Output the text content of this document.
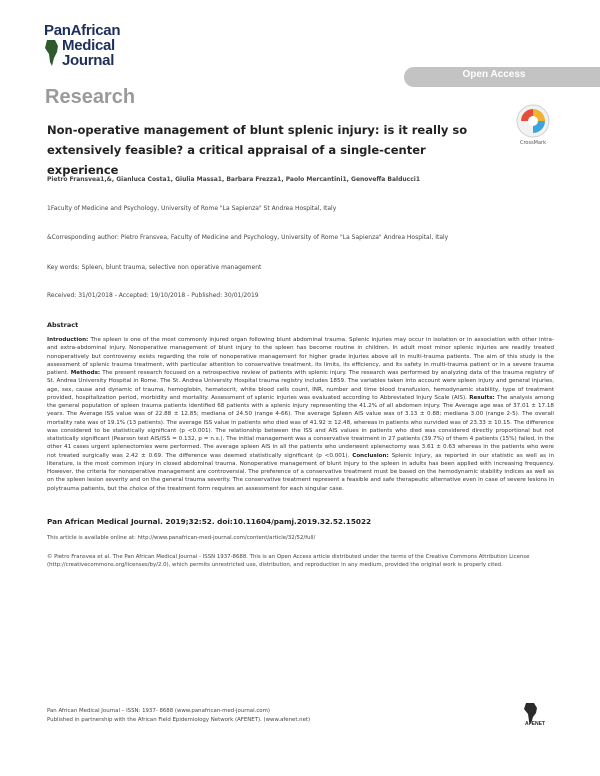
PanAfrican
Medical
Journal
Open Access
Research
Non-operative management of blunt splenic injury: is it really so extensively feasible? a critical appraisal of a single-center experience
CrossMark
Pietro Fransvea1,&, Gianluca Costa1, Giulia Massa1, Barbara Frezza1, Paolo Mercantini1, Genoveffa Balducci1
1Faculty of Medicine and Psychology, University of Rome "La Sapienza" St Andrea Hospital, Italy
&Corresponding author: Pietro Fransvea, Faculty of Medicine and Psychology, University of Rome "La Sapienza" Andrea Hospital, Italy
Key words: Spleen, blunt trauma, selective non operative management
Received: 31/01/2018 - Accepted: 19/10/2018 - Published: 30/01/2019
Abstract
Introduction: The spleen is one of the most commonly injured organ following blunt abdominal trauma. Splenic injuries may occur in isolation or in association with other intra-and extra-abdominal injury. Nonoperative management of blunt injury to the spleen has become routine in children. In adult most minor splenic injuries are readily treated nonoperatively but controversy exists regarding the role of nonoperative management for higher grade injuries above all in multi-trauma patients. The aim of this study is the assessment of splenic trauma treatment, with particular attention to conservative treatment, its limits, its efficiency, and its safety in multi-trauma patient or in a severe trauma patient. Methods: The present research focused on a retrospective review of patients with splenic injury. The research was performed by analyzing data of the trauma registry of St. Andrea University Hospital in Rome. The St. Andrea University Hospital trauma registry includes 1859. The variables taken into account were spleen injury and general injuries, age, sex, cause and dynamic of trauma, hemoglobin, hematocrit, white blood cells count, INR, number and time blood transfusion, hemodynamic stability, type of treatment provided, hospitalization period, morbidity and mortality. Assessment of splenic injuries was evaluated according to Abbreviated Injury Scale (AIS). Results: The analysis among the general population of spleen trauma patients identified 68 patients with a splenic injury representing the 41.2% of all abdomen injury. The Average age was of 37.01 ± 17.18 years. The Average ISS value was of 22.88 ± 12.85; mediana of 24.50 (range 4-66). The average Spleen AIS value was of 3.13 ± 0.88; mediana 3.00 (range 2-5). The overall mortality rate was of 19.1% (13 patients). The average ISS value in patients who died was of 41.92 ± 12.48, whereas in patients who survided was of 23.33 ± 10.15. The difference was considered to be statistically significant (p <0.001). The relationship between the ISS and AIS values in patients who died was considered directly proportional but not statistically significant (Pearson test AIS/ISS = 0.132, p = n.s.). The initial management was a conservative treatment in 27 patients (39.7%) of them 4 patients (15%) failed, in the other 41 cases urgent splenectomies were performed. The average spleen AIS in all the patients who underwent splenectomy was 3.61 ± 0.63 whereas in the patients who were not treated surgically was 2.42 ± 0.69. The difference was deemed statistically significant (p <0.001). Conclusion: Splenic injury, as reported in our statistic as well as in literature, is the most common injury in closed abdominal trauma. Nonoperative management of blunt injury to the spleen in adults has been applied with increasing frequency. However, the criteria for nonoperative management are controversial. The preference of a conservative treatment must be based on the hemodynamic stability indices as well as on the spleen lesion severity and on the general trauma severity. The conservative treatment represent a feasible and safe therapeutic alternative even in case of severe lesions in polytrauma patients, but the choice of the treatment form requires an assessment for each singular case.
Pan African Medical Journal. 2019;32:52. doi:10.11604/pamj.2019.32.52.15022
This article is available online at: http://www.panafrican-med-journal.com/content/article/32/52/full/
© Pietro Fransvea et al. The Pan African Medical Journal - ISSN 1937-8688. This is an Open Access article distributed under the terms of the Creative Commons Attribution License (http://creativecommons.org/licenses/by/2.0), which permits unrestricted use, distribution, and reproduction in any medium, provided the original work is properly cited.
Pan African Medical Journal – ISSN: 1937- 8688 (www.panafrican-med-journal.com)
Published in partnership with the African Field Epidemiology Network (AFENET). (www.afenet.net)
AFENET
